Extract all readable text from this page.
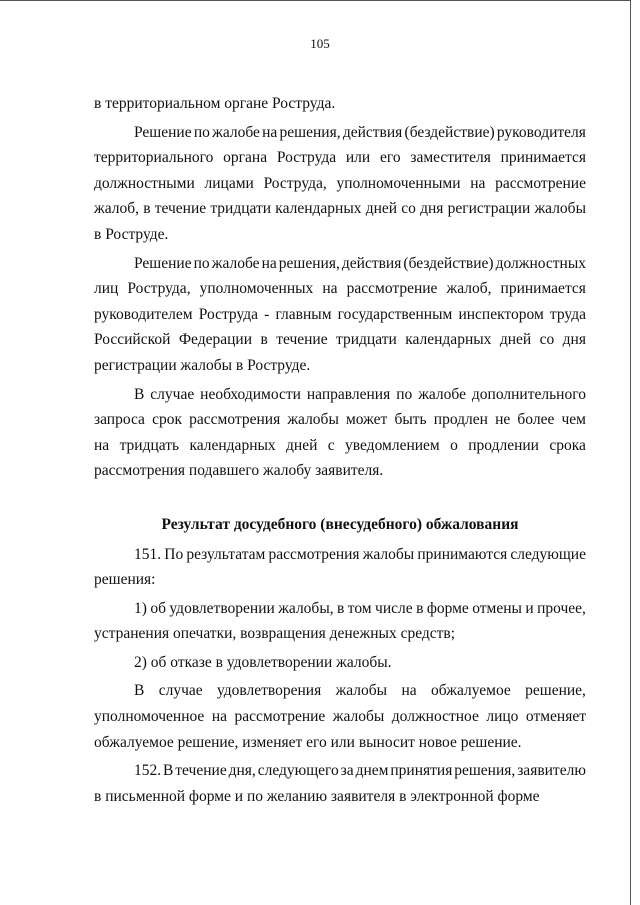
105
в территориальном органе Роструда.
Решение по жалобе на решения, действия (бездействие) руководителя
территориального органа Роструда или его заместителя принимается
должностными лицами Роструда, уполномоченными на рассмотрение
жалоб, в течение тридцати календарных дней со дня регистрации жалобы
в Роструде.
Решение по жалобе на решения, действия (бездействие) должностных
лиц Роструда, уполномоченных на рассмотрение жалоб, принимается
руководителем Роструда - главным государственным инспектором труда
Российской Федерации в течение тридцати календарных дней со дня
регистрации жалобы в Роструде.
В случае необходимости направления по жалобе дополнительного
запроса срок рассмотрения жалобы может быть продлен не более чем
на тридцать календарных дней с уведомлением о продлении срока
рассмотрения подавшего жалобу заявителя.
Результат досудебного (внесудебного) обжалования
151. По результатам рассмотрения жалобы принимаются следующие
решения:
1) об удовлетворении жалобы, в том числе в форме отмены и прочее,
устранения опечатки, возвращения денежных средств;
2) об отказе в удовлетворении жалобы.
В случае удовлетворения жалобы на обжалуемое решение,
уполномоченное на рассмотрение жалобы должностное лицо отменяет
обжалуемое решение, изменяет его или выносит новое решение.
152. В течение дня, следующего за днем принятия решения, заявителю
в письменной форме и по желанию заявителя в электронной форме
